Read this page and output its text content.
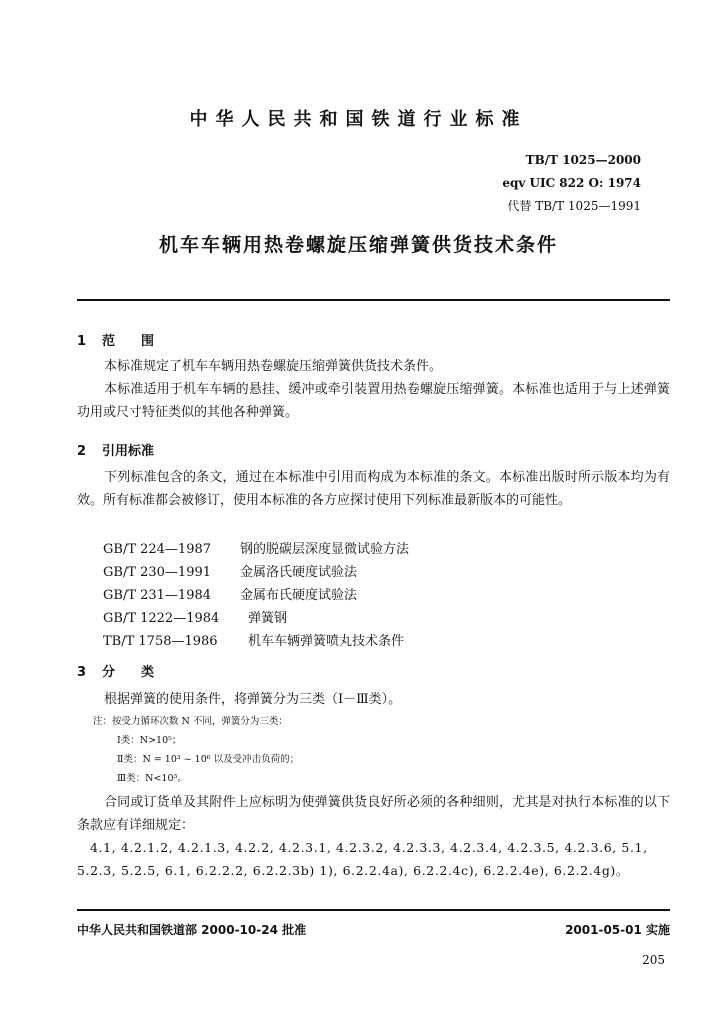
中华人民共和国铁道行业标准
TB/T 1025—2000
eqv UIC 822 O: 1974
代替 TB/T 1025—1991
机车车辆用热卷螺旋压缩弹簧供货技术条件
1 范　　围
本标准规定了机车车辆用热卷螺旋压缩弹簧供货技术条件。
本标准适用于机车车辆的悬挂、缓冲或牵引装置用热卷螺旋压缩弹簧。本标准也适用于与上述弹簧功用或尺寸特征类似的其他各种弹簧。
2 引用标准
下列标准包含的条文，通过在本标准中引用而构成为本标准的条文。本标准出版时所示版本均为有效。所有标准都会被修订，使用本标准的各方应探讨使用下列标准最新版本的可能性。
GB/T 224—1987 钢的脱碳层深度显微试验方法
GB/T 230—1991 金属洛氏硬度试验法
GB/T 231—1984 金属布氏硬度试验法
GB/T 1222—1984 弹簧钢
TB/T 1758—1986 机车车辆弹簧喷丸技术条件
3 分　　类
根据弹簧的使用条件，将弹簧分为三类（Ⅰ－Ⅲ类）。
注：按受力循环次数 N 不同，弹簧分为三类：
Ⅰ类：N>10⁵；
Ⅱ类：N = 10³ ~ 10⁶ 以及受冲击负荷的；
Ⅲ类：N<10³。
合同或订货单及其附件上应标明为使弹簧供货良好所必须的各种细则，尤其是对执行本标准的以下条款应有详细规定：
4.1, 4.2.1.2, 4.2.1.3, 4.2.2, 4.2.3.1, 4.2.3.2, 4.2.3.3, 4.2.3.4, 4.2.3.5, 4.2.3.6, 5.1, 5.2.3, 5.2.5, 6.1, 6.2.2.2, 6.2.2.3b) 1), 6.2.2.4a), 6.2.2.4c), 6.2.2.4e), 6.2.2.4g)。
中华人民共和国铁道部 2000-10-24 批准	2001-05-01 实施
205
